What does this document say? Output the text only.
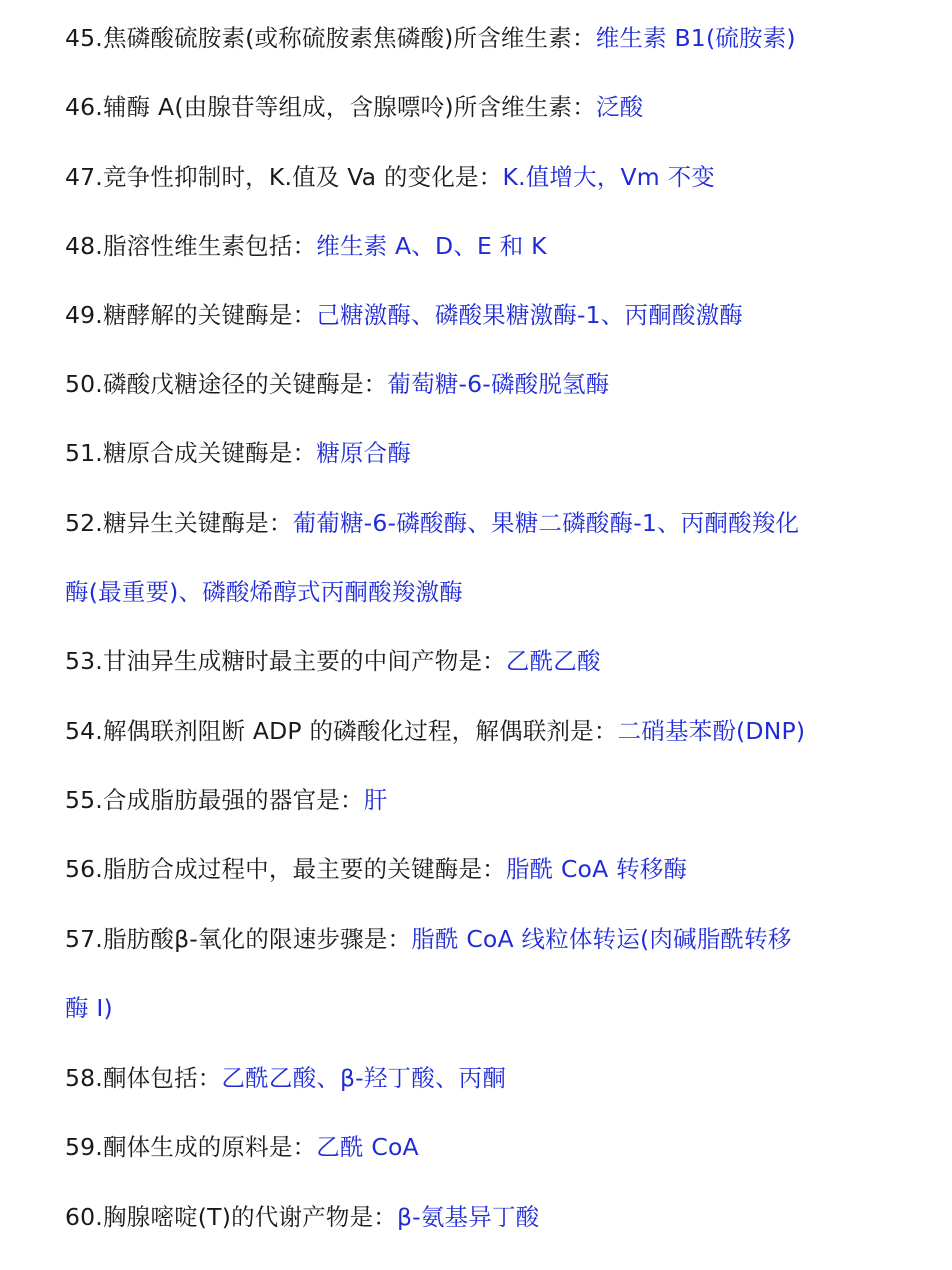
45.焦磷酸硫胺素(或称硫胺素焦磷酸)所含维生素：维生素 B1(硫胺素)
46.辅酶 A(由腺苷等组成，含腺嘌呤)所含维生素：泛酸
47.竞争性抑制时，K.值及 Va 的变化是：K.值增大，Vm 不变
48.脂溶性维生素包括：维生素 A、D、E 和 K
49.糖酵解的关键酶是：己糖激酶、磷酸果糖激酶-1、丙酮酸激酶
50.磷酸戊糖途径的关键酶是：葡萄糖-6-磷酸脱氢酶
51.糖原合成关键酶是：糖原合酶
52.糖异生关键酶是：葡葡糖-6-磷酸酶、果糖二磷酸酶-1、丙酮酸羧化
酶(最重要)、磷酸烯醇式丙酮酸羧激酶
53.甘油异生成糖时最主要的中间产物是：乙酰乙酸
54.解偶联剂阻断 ADP 的磷酸化过程，解偶联剂是：二硝基苯酚(DNP)
55.合成脂肪最强的器官是：肝
56.脂肪合成过程中，最主要的关键酶是：脂酰 CoA 转移酶
57.脂肪酸β-氧化的限速步骤是：脂酰 CoA 线粒体转运(肉碱脂酰转移
酶 I)
58.酮体包括：乙酰乙酸、β-羟丁酸、丙酮
59.酮体生成的原料是：乙酰 CoA
60.胸腺嘧啶(T)的代谢产物是：β-氨基异丁酸
